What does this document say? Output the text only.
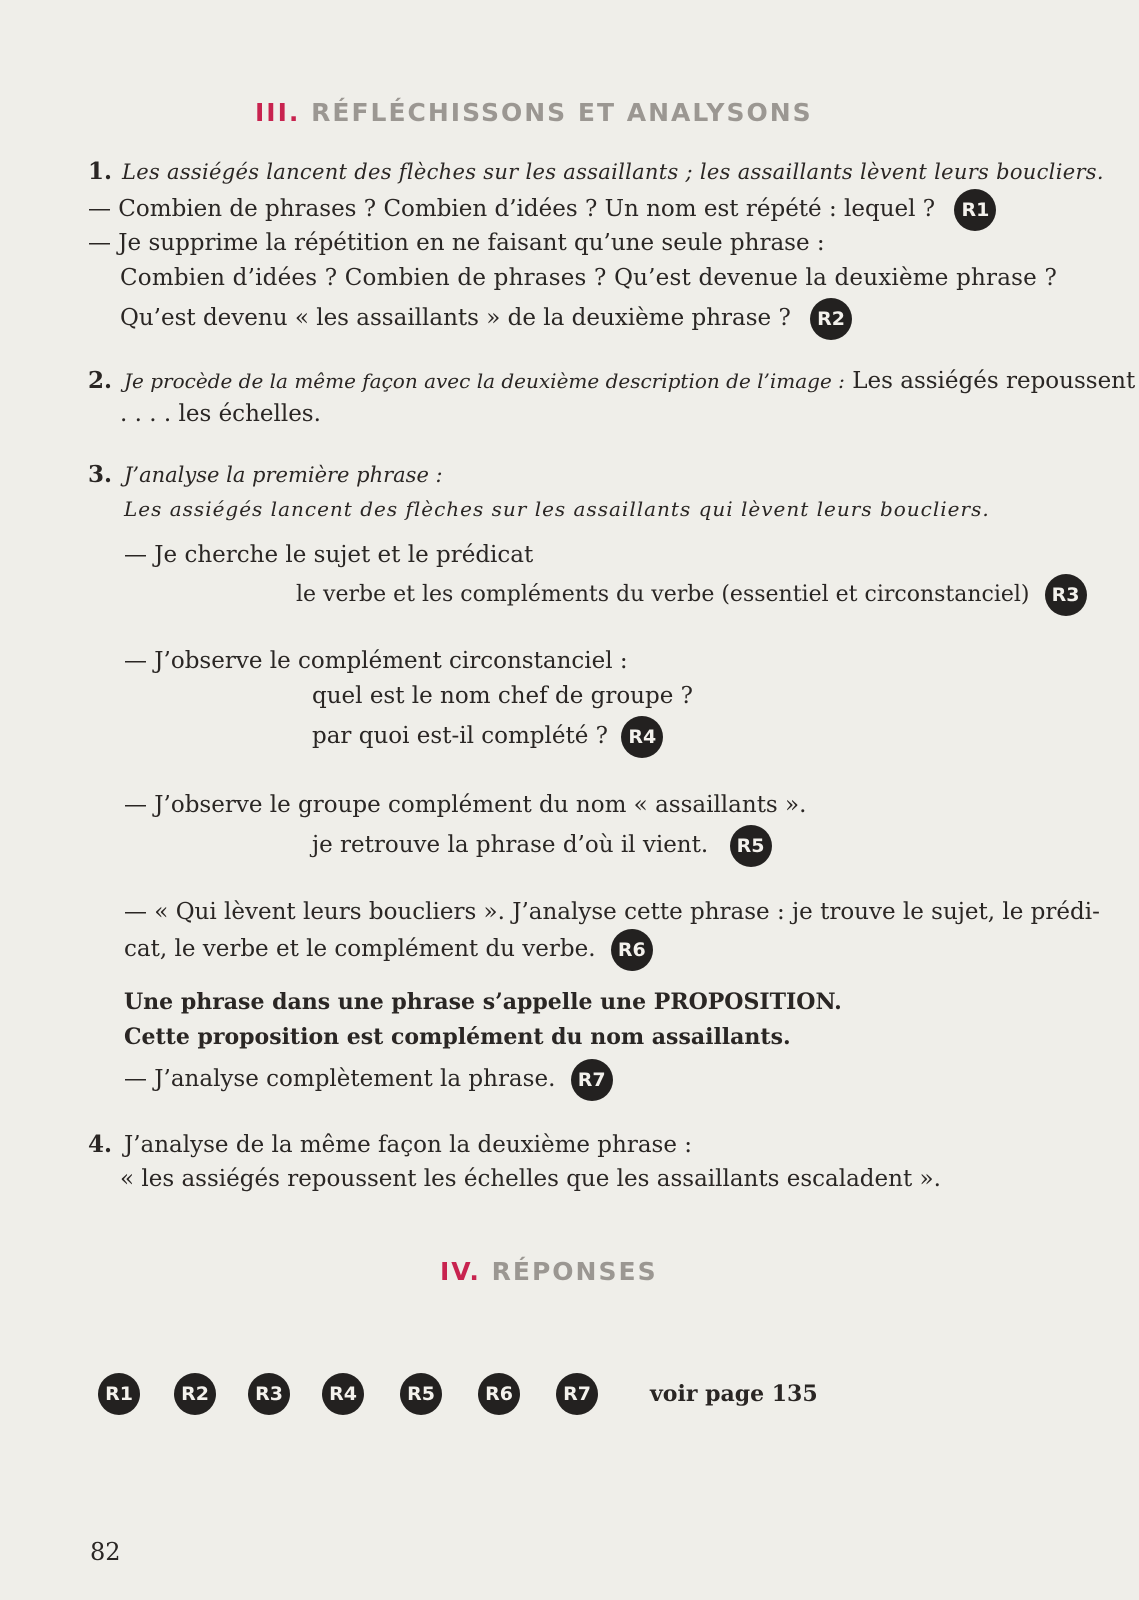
III. RÉFLÉCHISSONS ET ANALYSONS
1. Les assiégés lancent des flèches sur les assaillants ; les assaillants lèvent leurs boucliers.
— Combien de phrases ? Combien d’idées ? Un nom est répété : lequel ? R1
— Je supprime la répétition en ne faisant qu’une seule phrase :
Combien d’idées ? Combien de phrases ? Qu’est devenue la deuxième phrase ?
Qu’est devenu « les assaillants » de la deuxième phrase ? R2
2. Je procède de la même façon avec la deuxième description de l’image : Les assiégés repoussent
. . . . les échelles.
3. J’analyse la première phrase :
Les assiégés lancent des flèches sur les assaillants qui lèvent leurs boucliers.
— Je cherche le sujet et le prédicat
le verbe et les compléments du verbe (essentiel et circonstanciel) R3
— J’observe le complément circonstanciel :
quel est le nom chef de groupe ?
par quoi est-il complété ? R4
— J’observe le groupe complément du nom « assaillants ».
je retrouve la phrase d’où il vient. R5
— « Qui lèvent leurs boucliers ». J’analyse cette phrase : je trouve le sujet, le prédi-
cat, le verbe et le complément du verbe. R6
Une phrase dans une phrase s’appelle une PROPOSITION.
Cette proposition est complément du nom assaillants.
— J’analyse complètement la phrase. R7
4. J’analyse de la même façon la deuxième phrase :
« les assiégés repoussent les échelles que les assaillants escaladent ».
IV. RÉPONSES
R1	R2	R3	R4	R5	R6	R7	voir page 135
82
